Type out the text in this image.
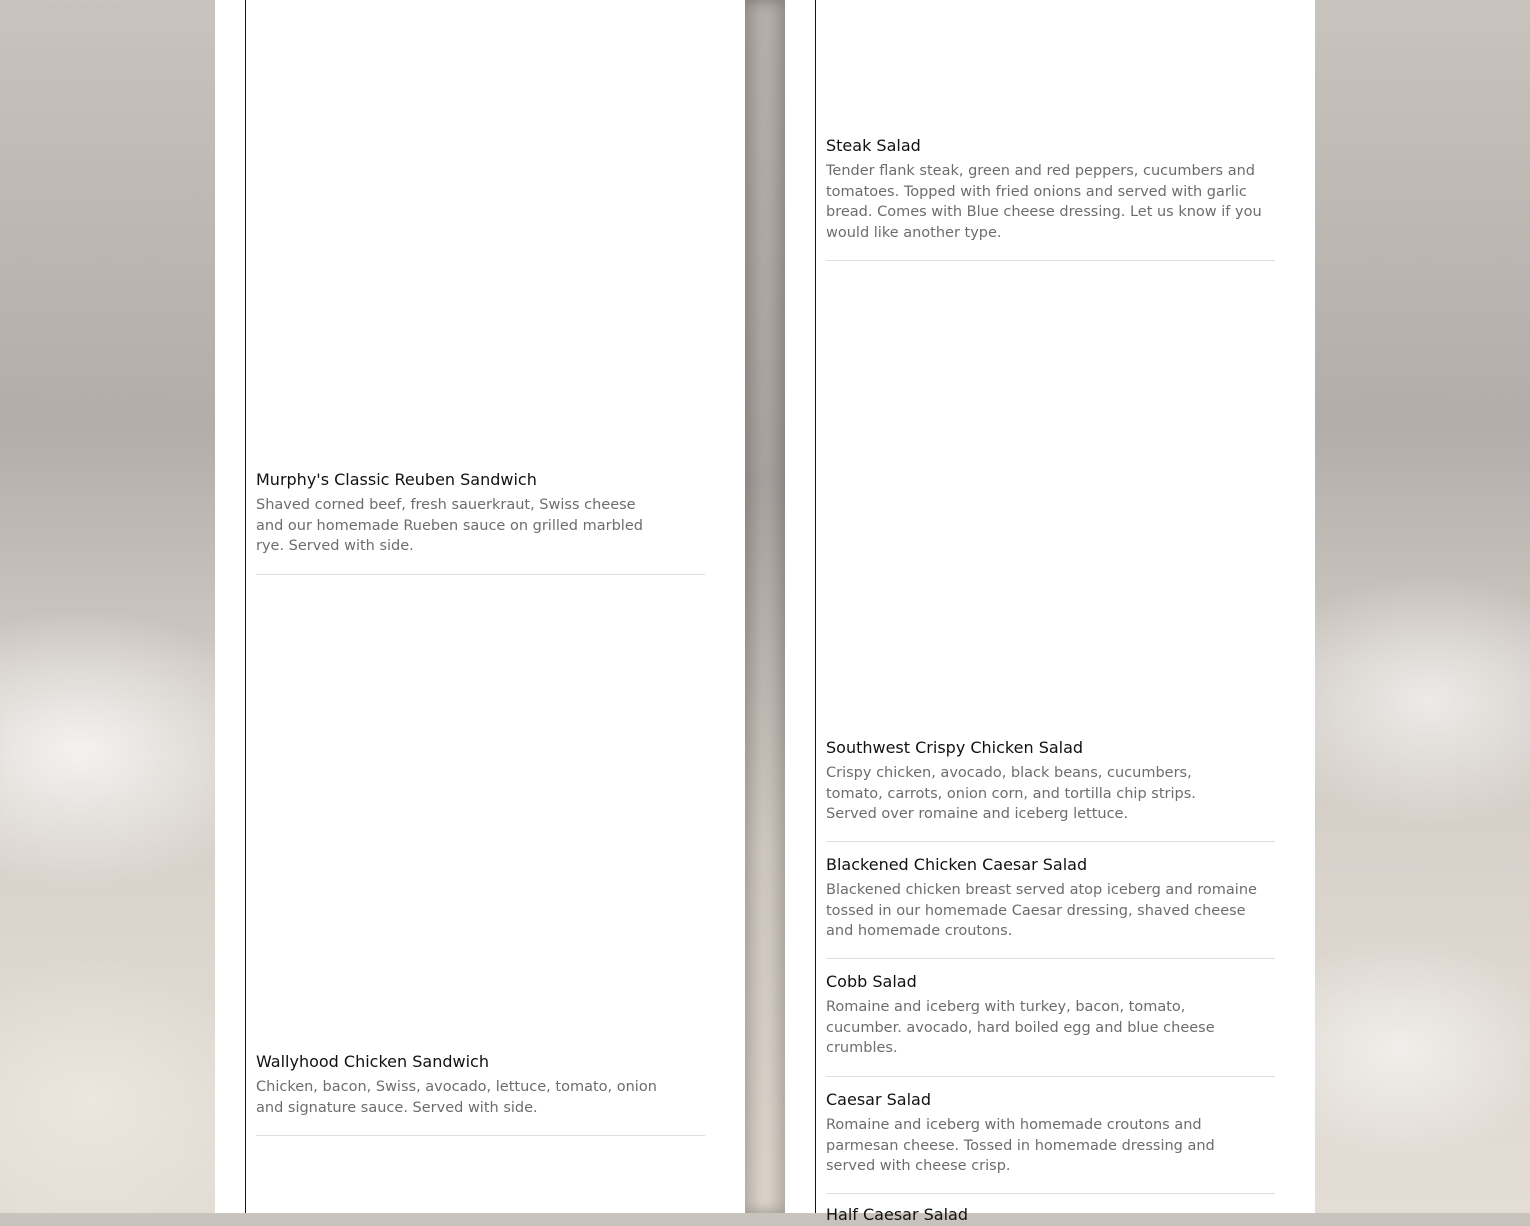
Murphy's Classic Reuben Sandwich

Shaved corned beef, fresh sauerkraut, Swiss cheese and our homemade Rueben sauce on grilled marbled rye. Served with side.

Wallyhood Chicken Sandwich

Chicken, bacon, Swiss, avocado, lettuce, tomato, onion and signature sauce. Served with side.

Steak Salad

Tender flank steak, green and red peppers, cucumbers and tomatoes. Topped with fried onions and served with garlic bread. Comes with Blue cheese dressing. Let us know if you would like another type.

Southwest Crispy Chicken Salad

Crispy chicken, avocado, black beans, cucumbers, tomato, carrots, onion corn, and tortilla chip strips. Served over romaine and iceberg lettuce.

Blackened Chicken Caesar Salad

Blackened chicken breast served atop iceberg and romaine tossed in our homemade Caesar dressing, shaved cheese and homemade croutons.

Cobb Salad

Romaine and iceberg with turkey, bacon, tomato, cucumber. avocado, hard boiled egg and blue cheese crumbles.

Caesar Salad

Romaine and iceberg with homemade croutons and parmesan cheese. Tossed in homemade dressing and served with cheese crisp.

Half Caesar Salad
